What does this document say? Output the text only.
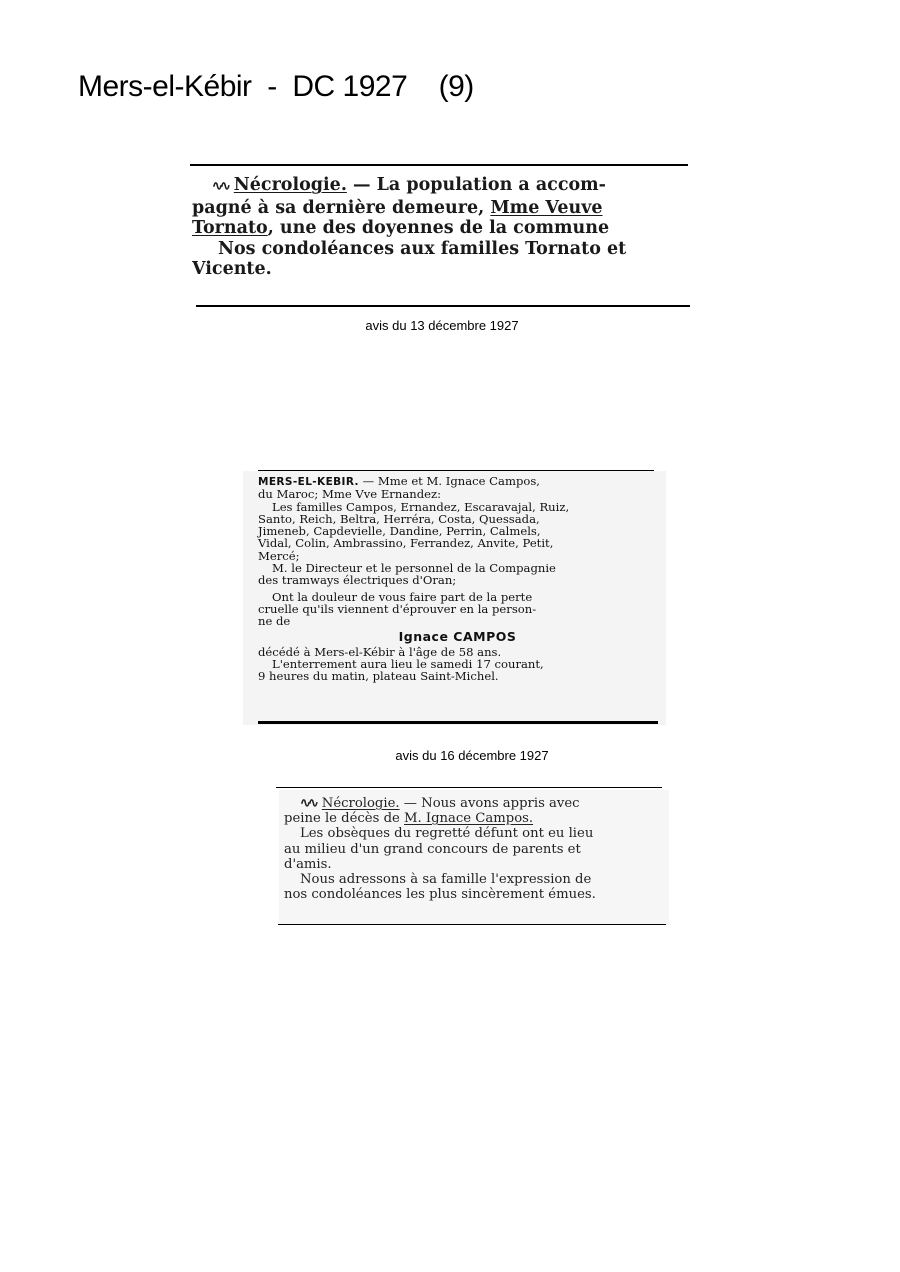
Mers-el-Kébir  -  DC 1927    (9)

∿∿ Nécrologie. — La population a accom-

pagné à sa dernière demeure, Mme Veuve

Tornato, une des doyennes de la commune

Nos condoléances aux familles Tornato et

Vicente.

avis du 13 décembre 1927

MERS-EL-KEBIR. — Mme et M. Ignace Campos,

du Maroc; Mme Vve Ernandez:

Les familles Campos, Ernandez, Escaravajal, Ruiz,

Santo, Reich, Beltra, Herréra, Costa, Quessada,

Jimeneb, Capdevielle, Dandine, Perrin, Calmels,

Vidal, Colin, Ambrassino, Ferrandez, Anvite, Petit,

Mercé;

M. le Directeur et le personnel de la Compagnie

des tramways électriques d'Oran;

Ont la douleur de vous faire part de la perte

cruelle qu'ils viennent d'éprouver en la person-

ne de

Ignace CAMPOS

décédé à Mers-el-Kébir à l'âge de 58 ans.

L'enterrement aura lieu le samedi 17 courant,

9 heures du matin, plateau Saint-Michel.

avis du 16 décembre 1927

∿∿ Nécrologie. — Nous avons appris avec

peine le décès de M. Ignace Campos.

Les obsèques du regretté défunt ont eu lieu

au milieu d'un grand concours de parents et

d'amis.

Nous adressons à sa famille l'expression de

nos condoléances les plus sincèrement émues.
